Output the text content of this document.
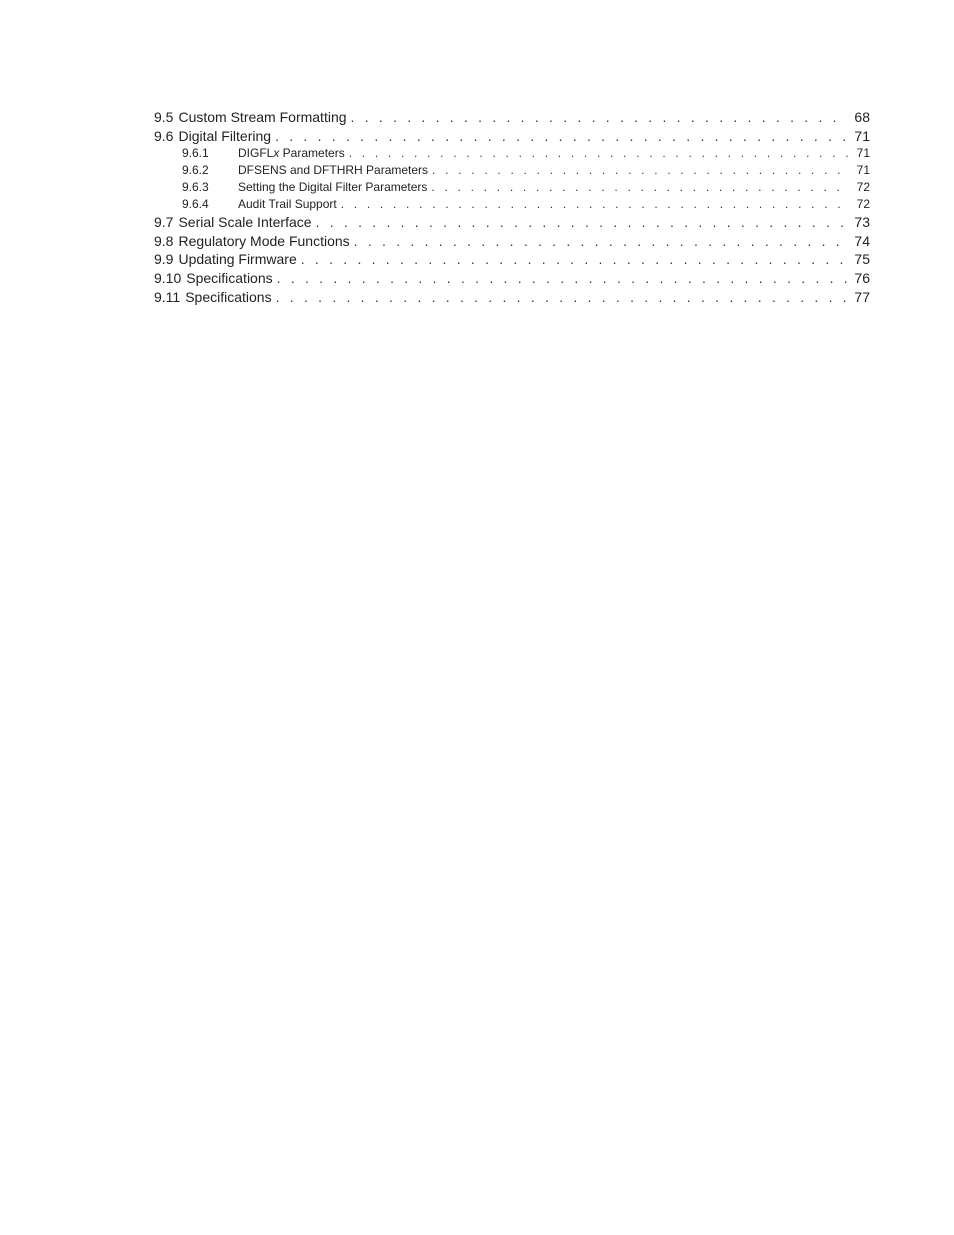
9.5 Custom Stream Formatting . . .	68
9.6 Digital Filtering . . .	71
9.6.1	DIGFLx Parameters . . .	71
9.6.2	DFSENS and DFTHRH Parameters . . .	71
9.6.3	Setting the Digital Filter Parameters . . .	72
9.6.4	Audit Trail Support . . .	72
9.7 Serial Scale Interface . . .	73
9.8 Regulatory Mode Functions . . .	74
9.9 Updating Firmware . . .	75
9.10 Specifications . . .	76
9.11 Specifications . . .	77
